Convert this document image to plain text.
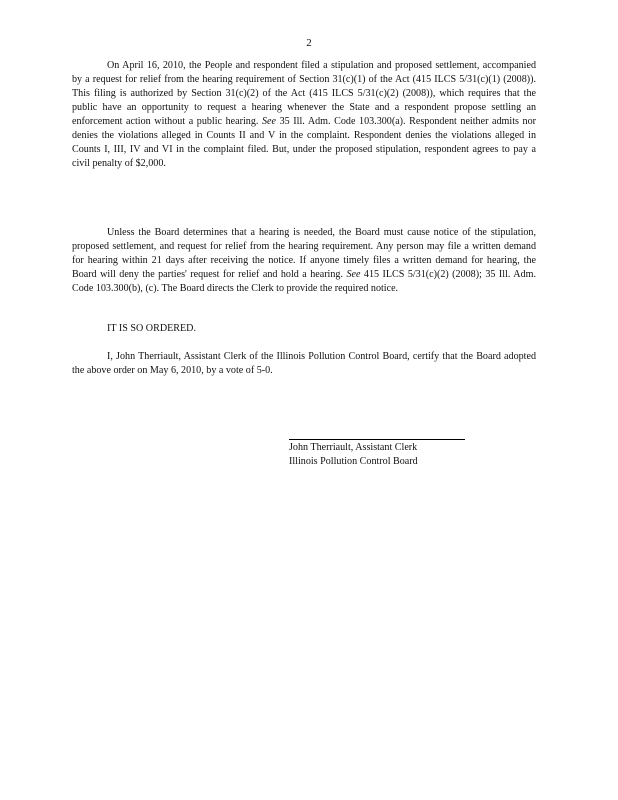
2

On April 16, 2010, the People and respondent filed a stipulation and proposed settlement, accompanied by a request for relief from the hearing requirement of Section 31(c)(1) of the Act (415 ILCS 5/31(c)(1) (2008)). This filing is authorized by Section 31(c)(2) of the Act (415 ILCS 5/31(c)(2) (2008)), which requires that the public have an opportunity to request a hearing whenever the State and a respondent propose settling an enforcement action without a public hearing. See 35 Ill. Adm. Code 103.300(a). Respondent neither admits nor denies the violations alleged in Counts II and V in the complaint. Respondent denies the violations alleged in Counts I, III, IV and VI in the complaint filed. But, under the proposed stipulation, respondent agrees to pay a civil penalty of $2,000.

Unless the Board determines that a hearing is needed, the Board must cause notice of the stipulation, proposed settlement, and request for relief from the hearing requirement. Any person may file a written demand for hearing within 21 days after receiving the notice. If anyone timely files a written demand for hearing, the Board will deny the parties' request for relief and hold a hearing. See 415 ILCS 5/31(c)(2) (2008); 35 Ill. Adm. Code 103.300(b), (c). The Board directs the Clerk to provide the required notice.

IT IS SO ORDERED.

I, John Therriault, Assistant Clerk of the Illinois Pollution Control Board, certify that the Board adopted the above order on May 6, 2010, by a vote of 5-0.

John Therriault, Assistant Clerk

Illinois Pollution Control Board
